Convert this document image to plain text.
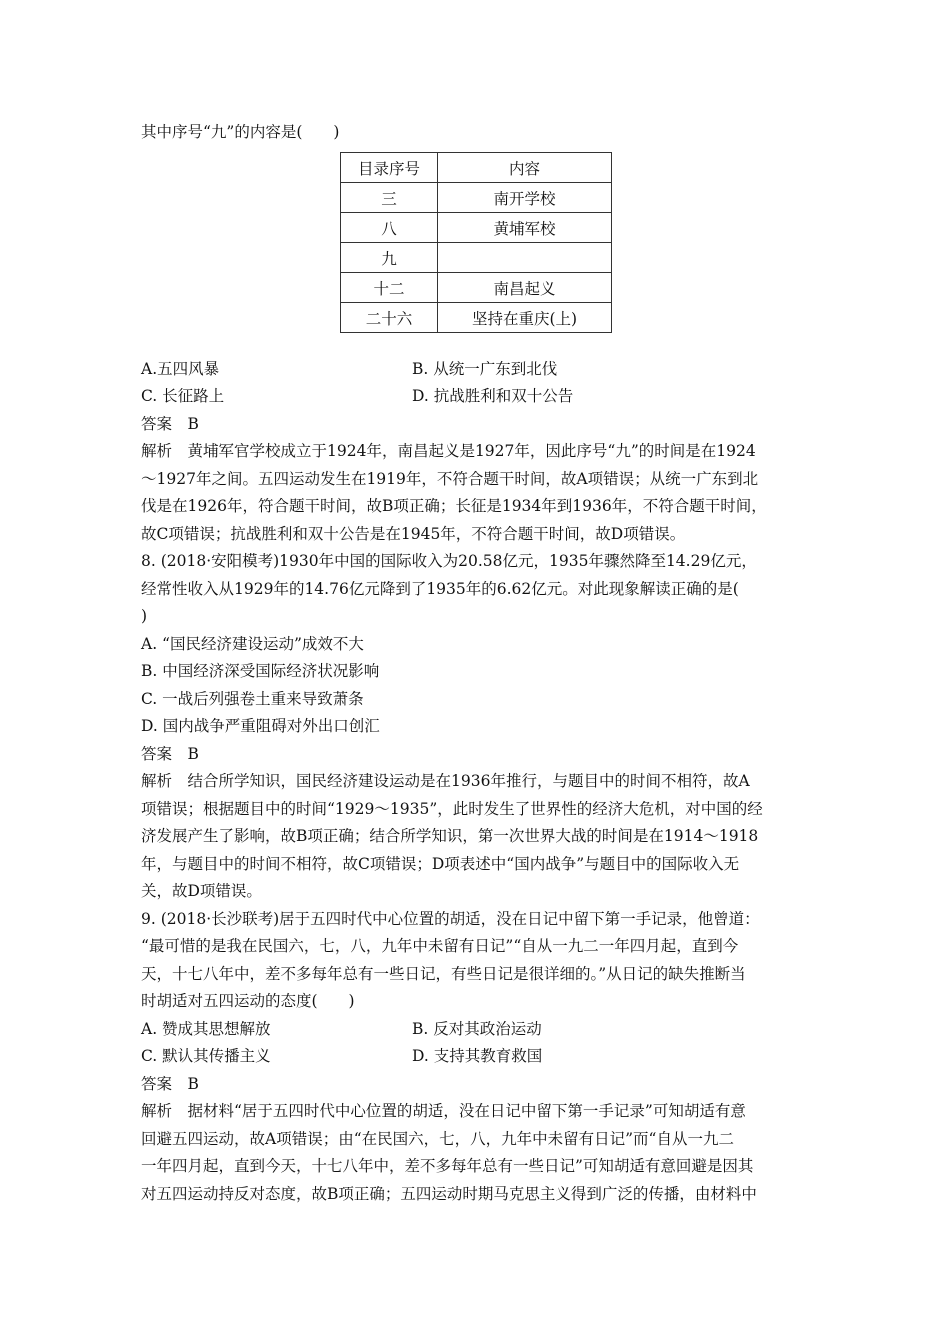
其中序号“九”的内容是(　　)
目录序号	内容
三	南开学校
八	黄埔军校
九	
十二	南昌起义
二十六	坚持在重庆(上)
A.五四风暴	B. 从统一广东到北伐
C. 长征路上	D. 抗战胜利和双十公告
答案　B
解析　黄埔军官学校成立于1924年，南昌起义是1927年，因此序号“九”的时间是在1924
～1927年之间。五四运动发生在1919年，不符合题干时间，故A项错误；从统一广东到北
伐是在1926年，符合题干时间，故B项正确；长征是1934年到1936年，不符合题干时间，
故C项错误；抗战胜利和双十公告是在1945年，不符合题干时间，故D项错误。
8. (2018·安阳模考)1930年中国的国际收入为20.58亿元，1935年骤然降至14.29亿元，
经常性收入从1929年的14.76亿元降到了1935年的6.62亿元。对此现象解读正确的是(
)
A. “国民经济建设运动”成效不大
B. 中国经济深受国际经济状况影响
C. 一战后列强卷土重来导致萧条
D. 国内战争严重阻碍对外出口创汇
答案　B
解析　结合所学知识，国民经济建设运动是在1936年推行，与题目中的时间不相符，故A
项错误；根据题目中的时间“1929～1935”，此时发生了世界性的经济大危机，对中国的经
济发展产生了影响，故B项正确；结合所学知识，第一次世界大战的时间是在1914～1918
年，与题目中的时间不相符，故C项错误；D项表述中“国内战争”与题目中的国际收入无
关，故D项错误。
9. (2018·长沙联考)居于五四时代中心位置的胡适，没在日记中留下第一手记录，他曾道：
“最可惜的是我在民国六，七，八，九年中未留有日记”“自从一九二一年四月起，直到今
天，十七八年中，差不多每年总有一些日记，有些日记是很详细的。”从日记的缺失推断当
时胡适对五四运动的态度(　　)
A. 赞成其思想解放	B. 反对其政治运动
C. 默认其传播主义	D. 支持其教育救国
答案　B
解析　据材料“居于五四时代中心位置的胡适，没在日记中留下第一手记录”可知胡适有意
回避五四运动，故A项错误；由“在民国六，七，八，九年中未留有日记”而“自从一九二
一年四月起，直到今天，十七八年中，差不多每年总有一些日记”可知胡适有意回避是因其
对五四运动持反对态度，故B项正确；五四运动时期马克思主义得到广泛的传播，由材料中
